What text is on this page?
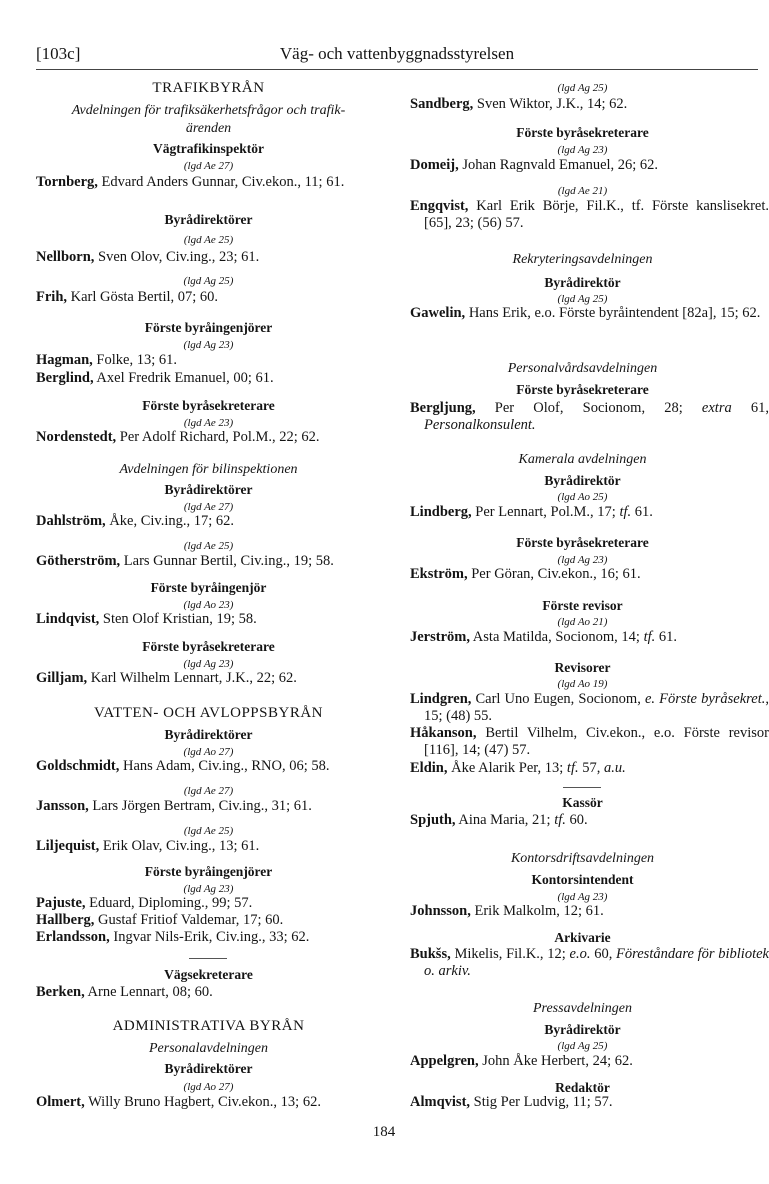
[103c]	Väg- och vattenbyggnadsstyrelsen
TRAFIKBYRÅN
Avdelningen för trafiksäkerhetsfrågor och trafik-
ärenden
Vägtrafikinspektör
(lgd Ae 27)
Tornberg, Edvard Anders Gunnar, Civ.ekon., 11; 61.
Byrådirektörer
(lgd Ae 25)
Nellborn, Sven Olov, Civ.ing., 23; 61.
(lgd Ag 25)
Frih, Karl Gösta Bertil, 07; 60.
Förste byråingenjörer
(lgd Ag 23)
Hagman, Folke, 13; 61.
Berglind, Axel Fredrik Emanuel, 00; 61.
Förste byråsekreterare
(lgd Ae 23)
Nordenstedt, Per Adolf Richard, Pol.M., 22; 62.
Avdelningen för bilinspektionen
Byrådirektörer
(lgd Ae 27)
Dahlström, Åke, Civ.ing., 17; 62.
(lgd Ae 25)
Götherström, Lars Gunnar Bertil, Civ.ing., 19; 58.
Förste byråingenjör
(lgd Ao 23)
Lindqvist, Sten Olof Kristian, 19; 58.
Förste byråsekreterare
(lgd Ag 23)
Gilljam, Karl Wilhelm Lennart, J.K., 22; 62.
VATTEN- OCH AVLOPPSBYRÅN
Byrådirektörer
(lgd Ao 27)
Goldschmidt, Hans Adam, Civ.ing., RNO, 06; 58.
(lgd Ae 27)
Jansson, Lars Jörgen Bertram, Civ.ing., 31; 61.
(lgd Ae 25)
Liljequist, Erik Olav, Civ.ing., 13; 61.
Förste byråingenjörer
(lgd Ag 23)
Pajuste, Eduard, Diploming., 99; 57.
Hallberg, Gustaf Fritiof Valdemar, 17; 60.
Erlandsson, Ingvar Nils-Erik, Civ.ing., 33; 62.
Vägsekreterare
Berken, Arne Lennart, 08; 60.
ADMINISTRATIVA BYRÅN
Personalavdelningen
Byrådirektörer
(lgd Ao 27)
Olmert, Willy Bruno Hagbert, Civ.ekon., 13; 62.
(lgd Ag 25)
Sandberg, Sven Wiktor, J.K., 14; 62.
Förste byråsekreterare
(lgd Ag 23)
Domeij, Johan Ragnvald Emanuel, 26; 62.
(lgd Ae 21)
Engqvist, Karl Erik Börje, Fil.K., tf. Förste kanslisekret. [65], 23; (56) 57.
Rekryteringsavdelningen
Byrådirektör
(lgd Ag 25)
Gawelin, Hans Erik, e.o. Förste byråintendent [82a], 15; 62.
Personalvårdsavdelningen
Förste byråsekreterare
Bergljung, Per Olof, Socionom, 28; extra 61, Personalkonsulent.
Kamerala avdelningen
Byrådirektör
(lgd Ao 25)
Lindberg, Per Lennart, Pol.M., 17; tf. 61.
Förste byråsekreterare
(lgd Ag 23)
Ekström, Per Göran, Civ.ekon., 16; 61.
Förste revisor
(lgd Ao 21)
Jerström, Asta Matilda, Socionom, 14; tf. 61.
Revisorer
(lgd Ao 19)
Lindgren, Carl Uno Eugen, Socionom, e. Förste byråsekret., 15; (48) 55.
Håkanson, Bertil Vilhelm, Civ.ekon., e.o. Förste revisor [116], 14; (47) 57.
Eldin, Åke Alarik Per, 13; tf. 57, a.u.
Kassör
Spjuth, Aina Maria, 21; tf. 60.
Kontorsdriftsavdelningen
Kontorsintendent
(lgd Ag 23)
Johnsson, Erik Malkolm, 12; 61.
Arkivarie
Bukšs, Mikelis, Fil.K., 12; e.o. 60, Föreståndare för bibliotek o. arkiv.
Pressavdelningen
Byrådirektör
(lgd Ag 25)
Appelgren, John Åke Herbert, 24; 62.
Redaktör
Almqvist, Stig Per Ludvig, 11; 57.
184
